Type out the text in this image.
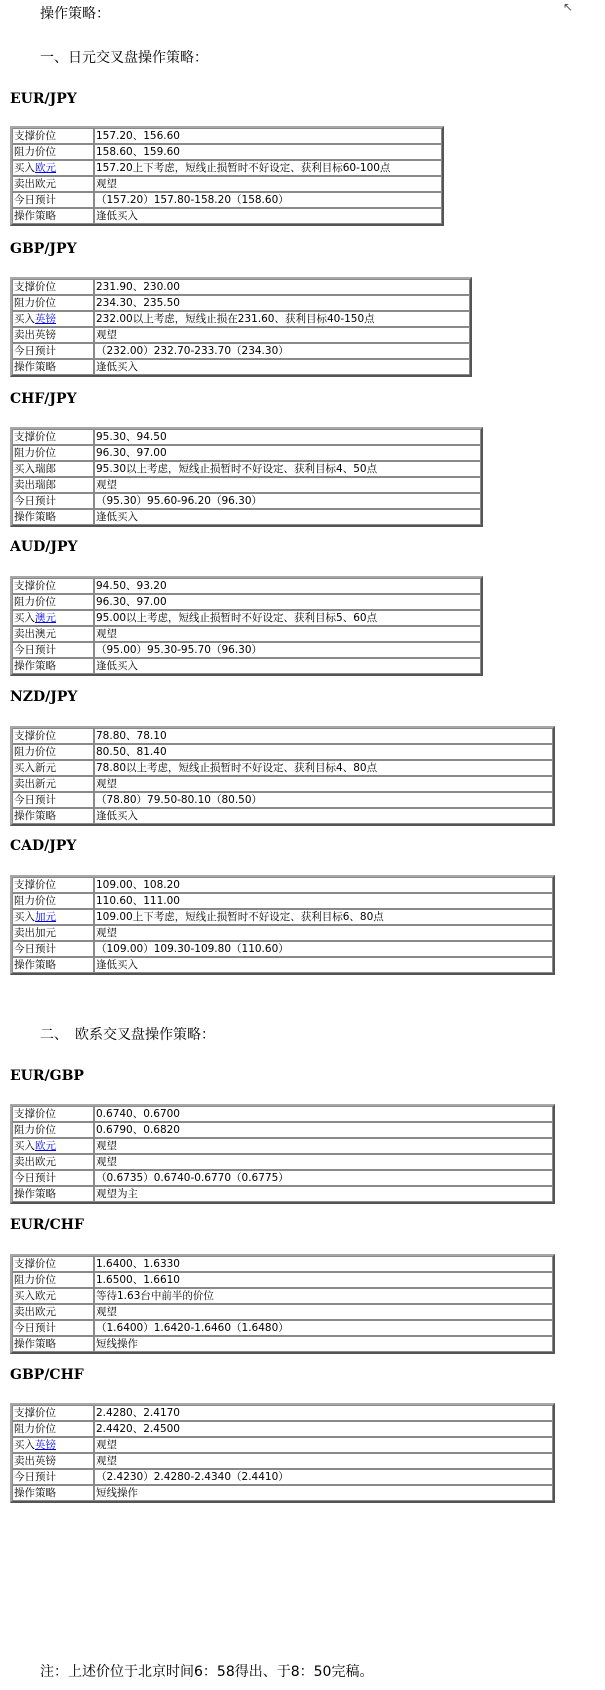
操作策略：	↖
一、日元交叉盘操作策略：
二、　欧系交叉盘操作策略：
EUR/JPY
支撑价位	157.20、156.60
阻力价位	158.60、159.60
买入欧元	157.20上下考虑，短线止损暂时不好设定、获利目标60-100点
卖出欧元	观望
今日预计	（157.20）157.80-158.20（158.60）
操作策略	逢低买入
GBP/JPY
支撑价位	231.90、230.00
阻力价位	234.30、235.50
买入英镑	232.00以上考虑，短线止损在231.60、获利目标40-150点
卖出英镑	观望
今日预计	（232.00）232.70-233.70（234.30）
操作策略	逢低买入
CHF/JPY
支撑价位	95.30、94.50
阻力价位	96.30、97.00
买入瑞郎	95.30以上考虑，短线止损暂时不好设定、获利目标4、50点
卖出瑞郎	观望
今日预计	（95.30）95.60-96.20（96.30）
操作策略	逢低买入
AUD/JPY
支撑价位	94.50、93.20
阻力价位	96.30、97.00
买入澳元	95.00以上考虑，短线止损暂时不好设定、获利目标5、60点
卖出澳元	观望
今日预计	（95.00）95.30-95.70（96.30）
操作策略	逢低买入
NZD/JPY
支撑价位	78.80、78.10
阻力价位	80.50、81.40
买入新元	78.80以上考虑，短线止损暂时不好设定、获利目标4、80点
卖出新元	观望
今日预计	（78.80）79.50-80.10（80.50）
操作策略	逢低买入
CAD/JPY
支撑价位	109.00、108.20
阻力价位	110.60、111.00
买入加元	109.00上下考虑，短线止损暂时不好设定、获利目标6、80点
卖出加元	观望
今日预计	（109.00）109.30-109.80（110.60）
操作策略	逢低买入
EUR/GBP
支撑价位	0.6740、0.6700
阻力价位	0.6790、0.6820
买入欧元	观望
卖出欧元	观望
今日预计	（0.6735）0.6740-0.6770（0.6775）
操作策略	观望为主
EUR/CHF
支撑价位	1.6400、1.6330
阻力价位	1.6500、1.6610
买入欧元	等待1.63台中前半的价位
卖出欧元	观望
今日预计	（1.6400）1.6420-1.6460（1.6480）
操作策略	短线操作
GBP/CHF
支撑价位	2.4280、2.4170
阻力价位	2.4420、2.4500
买入英镑	观望
卖出英镑	观望
今日预计	（2.4230）2.4280-2.4340（2.4410）
操作策略	短线操作
注：上述价位于北京时间6：58得出、于8：50完稿。
